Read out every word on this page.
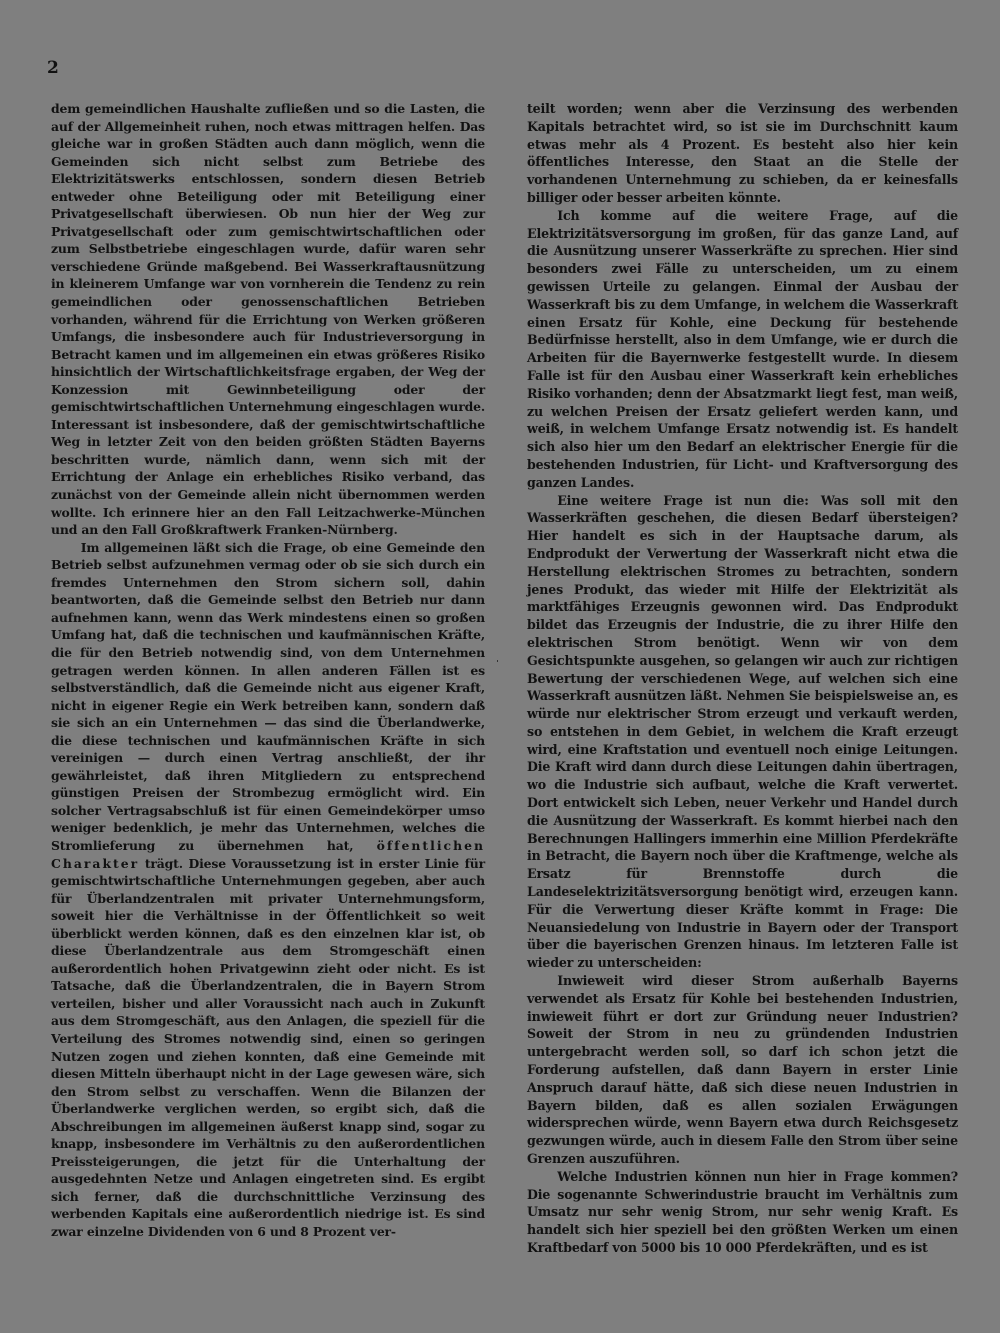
2

dem gemeindlichen Haushalte zufließen und so die Lasten, die auf der Allgemeinheit ruhen, noch etwas mittragen helfen. Das gleiche war in großen Städten auch dann möglich, wenn die Gemeinden sich nicht selbst zum Betriebe des Elektrizitätswerks entschlossen, sondern diesen Betrieb entweder ohne Beteiligung oder mit Beteiligung einer Privatgesellschaft überwiesen. Ob nun hier der Weg zur Privatgesellschaft oder zum gemischtwirtschaftlichen oder zum Selbstbetriebe eingeschlagen wurde, dafür waren sehr verschiedene Gründe maßgebend. Bei Wasserkraftausnützung in kleinerem Umfange war von vornherein die Tendenz zu rein gemeindlichen oder genossenschaftlichen Betrieben vorhanden, während für die Errichtung von Werken größeren Umfangs, die insbesondere auch für Industrieversorgung in Betracht kamen und im allgemeinen ein etwas größeres Risiko hinsichtlich der Wirtschaftlichkeitsfrage ergaben, der Weg der Konzession mit Gewinnbeteiligung oder der gemischtwirtschaftlichen Unternehmung eingeschlagen wurde. Interessant ist insbesondere, daß der gemischtwirtschaftliche Weg in letzter Zeit von den beiden größten Städten Bayerns beschritten wurde, nämlich dann, wenn sich mit der Errichtung der Anlage ein erhebliches Risiko verband, das zunächst von der Gemeinde allein nicht übernommen werden wollte. Ich erinnere hier an den Fall Leitzachwerke-München und an den Fall Großkraftwerk Franken-Nürnberg.

Im allgemeinen läßt sich die Frage, ob eine Gemeinde den Betrieb selbst aufzunehmen vermag oder ob sie sich durch ein fremdes Unternehmen den Strom sichern soll, dahin beantworten, daß die Gemeinde selbst den Betrieb nur dann aufnehmen kann, wenn das Werk mindestens einen so großen Umfang hat, daß die technischen und kaufmännischen Kräfte, die für den Betrieb notwendig sind, von dem Unternehmen getragen werden können. In allen anderen Fällen ist es selbstverständlich, daß die Gemeinde nicht aus eigener Kraft, nicht in eigener Regie ein Werk betreiben kann, sondern daß sie sich an ein Unternehmen — das sind die Überlandwerke, die diese technischen und kaufmännischen Kräfte in sich vereinigen — durch einen Vertrag anschließt, der ihr gewährleistet, daß ihren Mitgliedern zu entsprechend günstigen Preisen der Strombezug ermöglicht wird. Ein solcher Vertragsabschluß ist für einen Gemeindekörper umso weniger bedenklich, je mehr das Unternehmen, welches die Stromlieferung zu übernehmen hat, öffentlichen Charakter trägt. Diese Voraussetzung ist in erster Linie für gemischtwirtschaftliche Unternehmungen gegeben, aber auch für Überlandzentralen mit privater Unternehmungsform, soweit hier die Verhältnisse in der Öffentlichkeit so weit überblickt werden können, daß es den einzelnen klar ist, ob diese Überlandzentrale aus dem Stromgeschäft einen außerordentlich hohen Privatgewinn zieht oder nicht. Es ist Tatsache, daß die Überlandzentralen, die in Bayern Strom verteilen, bisher und aller Voraussicht nach auch in Zukunft aus dem Stromgeschäft, aus den Anlagen, die speziell für die Verteilung des Stromes notwendig sind, einen so geringen Nutzen zogen und ziehen konnten, daß eine Gemeinde mit diesen Mitteln überhaupt nicht in der Lage gewesen wäre, sich den Strom selbst zu verschaffen. Wenn die Bilanzen der Überlandwerke verglichen werden, so ergibt sich, daß die Abschreibungen im allgemeinen äußerst knapp sind, sogar zu knapp, insbesondere im Verhältnis zu den außerordentlichen Preissteigerungen, die jetzt für die Unterhaltung der ausgedehnten Netze und Anlagen eingetreten sind. Es ergibt sich ferner, daß die durchschnittliche Verzinsung des werbenden Kapitals eine außerordentlich niedrige ist. Es sind zwar einzelne Dividenden von 6 und 8 Prozent ver-

teilt worden; wenn aber die Verzinsung des werbenden Kapitals betrachtet wird, so ist sie im Durchschnitt kaum etwas mehr als 4 Prozent. Es besteht also hier kein öffentliches Interesse, den Staat an die Stelle der vorhandenen Unternehmung zu schieben, da er keinesfalls billiger oder besser arbeiten könnte.

Ich komme auf die weitere Frage, auf die Elektrizitätsversorgung im großen, für das ganze Land, auf die Ausnützung unserer Wasserkräfte zu sprechen. Hier sind besonders zwei Fälle zu unterscheiden, um zu einem gewissen Urteile zu gelangen. Einmal der Ausbau der Wasserkraft bis zu dem Umfange, in welchem die Wasserkraft einen Ersatz für Kohle, eine Deckung für bestehende Bedürfnisse herstellt, also in dem Umfange, wie er durch die Arbeiten für die Bayernwerke festgestellt wurde. In diesem Falle ist für den Ausbau einer Wasserkraft kein erhebliches Risiko vorhanden; denn der Absatzmarkt liegt fest, man weiß, zu welchen Preisen der Ersatz geliefert werden kann, und weiß, in welchem Umfange Ersatz notwendig ist. Es handelt sich also hier um den Bedarf an elektrischer Energie für die bestehenden Industrien, für Licht- und Kraftversorgung des ganzen Landes.

Eine weitere Frage ist nun die: Was soll mit den Wasserkräften geschehen, die diesen Bedarf übersteigen? Hier handelt es sich in der Hauptsache darum, als Endprodukt der Verwertung der Wasserkraft nicht etwa die Herstellung elektrischen Stromes zu betrachten, sondern jenes Produkt, das wieder mit Hilfe der Elektrizität als marktfähiges Erzeugnis gewonnen wird. Das Endprodukt bildet das Erzeugnis der Industrie, die zu ihrer Hilfe den elektrischen Strom benötigt. Wenn wir von dem Gesichtspunkte ausgehen, so gelangen wir auch zur richtigen Bewertung der verschiedenen Wege, auf welchen sich eine Wasserkraft ausnützen läßt. Nehmen Sie beispielsweise an, es würde nur elektrischer Strom erzeugt und verkauft werden, so entstehen in dem Gebiet, in welchem die Kraft erzeugt wird, eine Kraftstation und eventuell noch einige Leitungen. Die Kraft wird dann durch diese Leitungen dahin übertragen, wo die Industrie sich aufbaut, welche die Kraft verwertet. Dort entwickelt sich Leben, neuer Verkehr und Handel durch die Ausnützung der Wasserkraft. Es kommt hierbei nach den Berechnungen Hallingers immerhin eine Million Pferdekräfte in Betracht, die Bayern noch über die Kraftmenge, welche als Ersatz für Brennstoffe durch die Landeselektrizitätsversorgung benötigt wird, erzeugen kann. Für die Verwertung dieser Kräfte kommt in Frage: Die Neuansiedelung von Industrie in Bayern oder der Transport über die bayerischen Grenzen hinaus. Im letzteren Falle ist wieder zu unterscheiden:

Inwieweit wird dieser Strom außerhalb Bayerns verwendet als Ersatz für Kohle bei bestehenden Industrien, inwieweit führt er dort zur Gründung neuer Industrien? Soweit der Strom in neu zu gründenden Industrien untergebracht werden soll, so darf ich schon jetzt die Forderung aufstellen, daß dann Bayern in erster Linie Anspruch darauf hätte, daß sich diese neuen Industrien in Bayern bilden, daß es allen sozialen Erwägungen widersprechen würde, wenn Bayern etwa durch Reichsgesetz gezwungen würde, auch in diesem Falle den Strom über seine Grenzen auszuführen.

Welche Industrien können nun hier in Frage kommen? Die sogenannte Schwerindustrie braucht im Verhältnis zum Umsatz nur sehr wenig Strom, nur sehr wenig Kraft. Es handelt sich hier speziell bei den größten Werken um einen Kraftbedarf von 5000 bis 10 000 Pferdekräften, und es ist
